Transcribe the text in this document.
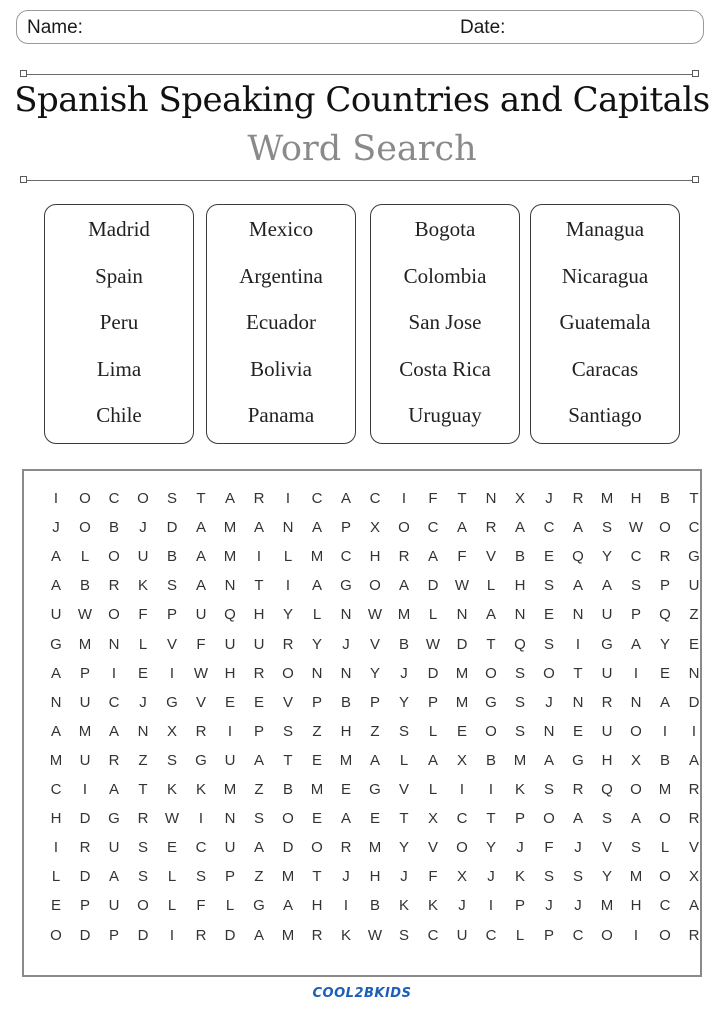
Name:	Date:
Spanish Speaking Countries and Capitals
Word Search
Madrid
Spain
Peru
Lima
Chile
Mexico
Argentina
Ecuador
Bolivia
Panama
Bogota
Colombia
San Jose
Costa Rica
Uruguay
Managua
Nicaragua
Guatemala
Caracas
Santiago
I	O	C	O	S	T	A	R	I	C	A	C	I	F	T	N	X	J	R	M	H	B	T
J	O	B	J	D	A	M	A	N	A	P	X	O	C	A	R	A	C	A	S	W	O	C
A	L	O	U	B	A	M	I	L	M	C	H	R	A	F	V	B	E	Q	Y	C	R	G
A	B	R	K	S	A	N	T	I	A	G	O	A	D	W	L	H	S	A	A	S	P	U
U	W	O	F	P	U	Q	H	Y	L	N	W	M	L	N	A	N	E	N	U	P	Q	Z
G	M	N	L	V	F	U	U	R	Y	J	V	B	W	D	T	Q	S	I	G	A	Y	E
A	P	I	E	I	W	H	R	O	N	N	Y	J	D	M	O	S	O	T	U	I	E	N
N	U	C	J	G	V	E	E	V	P	B	P	Y	P	M	G	S	J	N	R	N	A	D
A	M	A	N	X	R	I	P	S	Z	H	Z	S	L	E	O	S	N	E	U	O	I	I
M	U	R	Z	S	G	U	A	T	E	M	A	L	A	X	B	M	A	G	H	X	B	A
C	I	A	T	K	K	M	Z	B	M	E	G	V	L	I	I	K	S	R	Q	O	M	R
H	D	G	R	W	I	N	S	O	E	A	E	T	X	C	T	P	O	A	S	A	O	R
I	R	U	S	E	C	U	A	D	O	R	M	Y	V	O	Y	J	F	J	V	S	L	V
L	D	A	S	L	S	P	Z	M	T	J	H	J	F	X	J	K	S	S	Y	M	O	X
E	P	U	O	L	F	L	G	A	H	I	B	K	K	J	I	P	J	J	M	H	C	A
O	D	P	D	I	R	D	A	M	R	K	W	S	C	U	C	L	P	C	O	I	O	R
COOL2BKIDS
